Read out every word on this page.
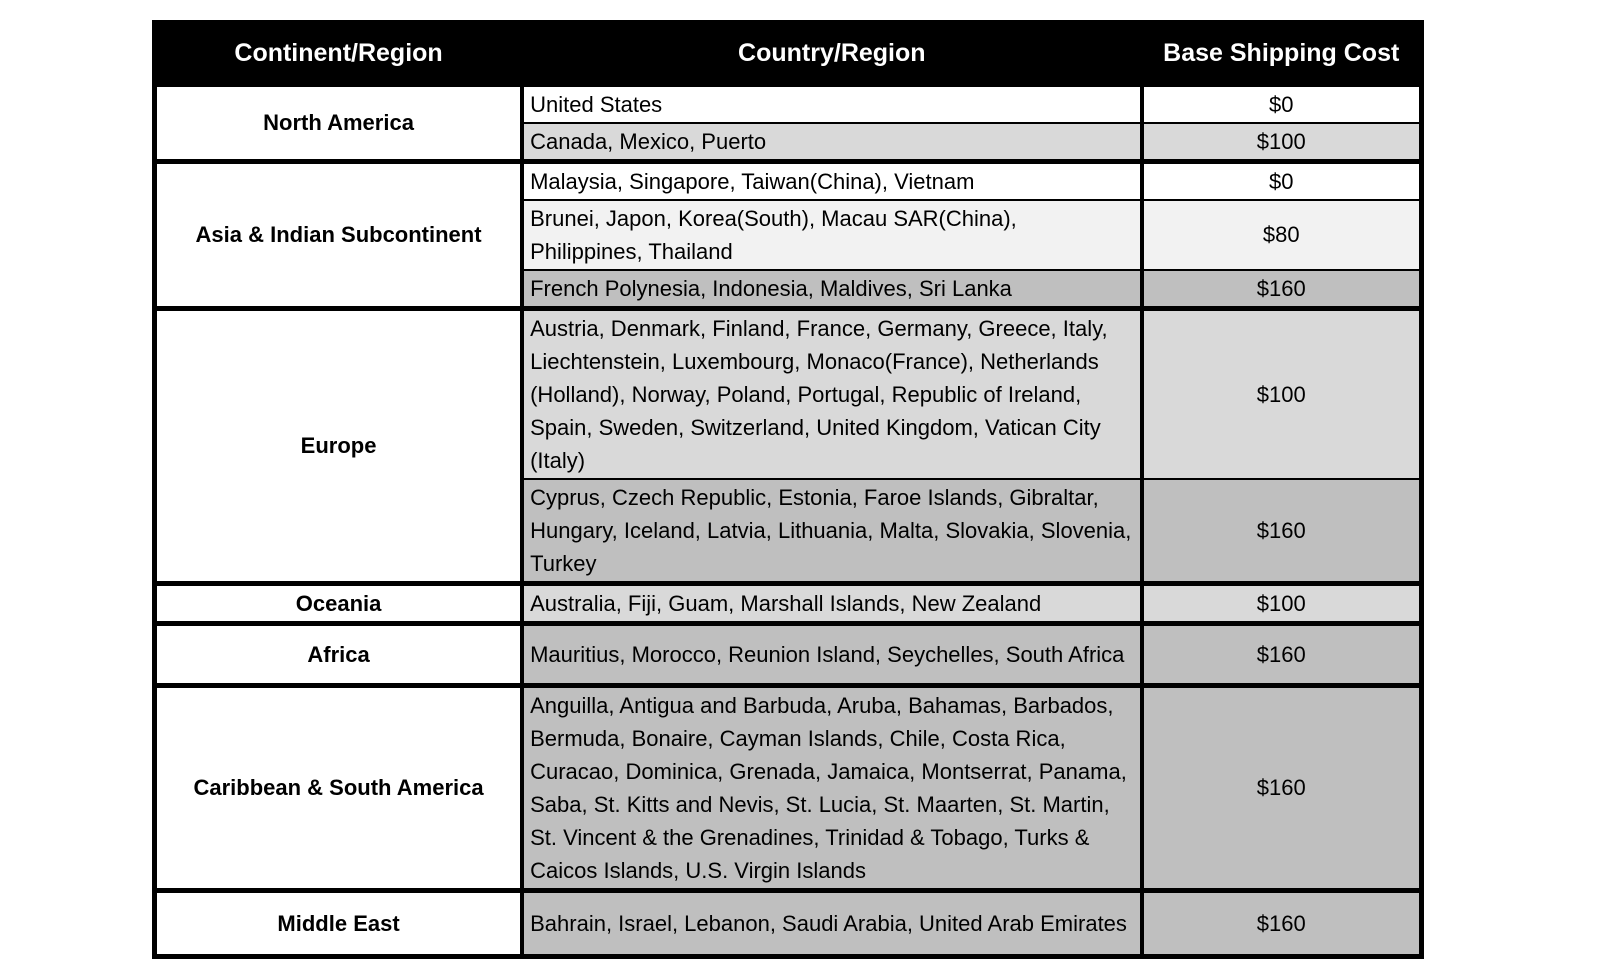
Continent/Region	Country/Region	Base Shipping Cost
North America	United States	$0
	Canada, Mexico, Puerto	$100
Asia & Indian Subcontinent	Malaysia, Singapore, Taiwan(China), Vietnam	$0
	Brunei, Japon, Korea(South), Macau SAR(China), Philippines, Thailand	$80
	French Polynesia, Indonesia, Maldives, Sri Lanka	$160
Europe	Austria, Denmark, Finland, France, Germany, Greece, Italy, Liechtenstein, Luxembourg, Monaco(France), Netherlands (Holland), Norway, Poland, Portugal, Republic of Ireland, Spain, Sweden, Switzerland, United Kingdom, Vatican City (Italy)	$100
	Cyprus, Czech Republic, Estonia, Faroe Islands, Gibraltar, Hungary, Iceland, Latvia, Lithuania, Malta, Slovakia, Slovenia, Turkey	$160
Oceania	Australia, Fiji, Guam, Marshall Islands, New Zealand	$100
Africa	Mauritius, Morocco, Reunion Island, Seychelles, South Africa	$160
Caribbean & South America	Anguilla, Antigua and Barbuda, Aruba, Bahamas, Barbados, Bermuda, Bonaire, Cayman Islands, Chile, Costa Rica, Curacao, Dominica, Grenada, Jamaica, Montserrat, Panama, Saba, St. Kitts and Nevis, St. Lucia, St. Maarten, St. Martin, St. Vincent & the Grenadines, Trinidad & Tobago, Turks & Caicos Islands, U.S. Virgin Islands	$160
Middle East	Bahrain, Israel, Lebanon, Saudi Arabia, United Arab Emirates	$160
